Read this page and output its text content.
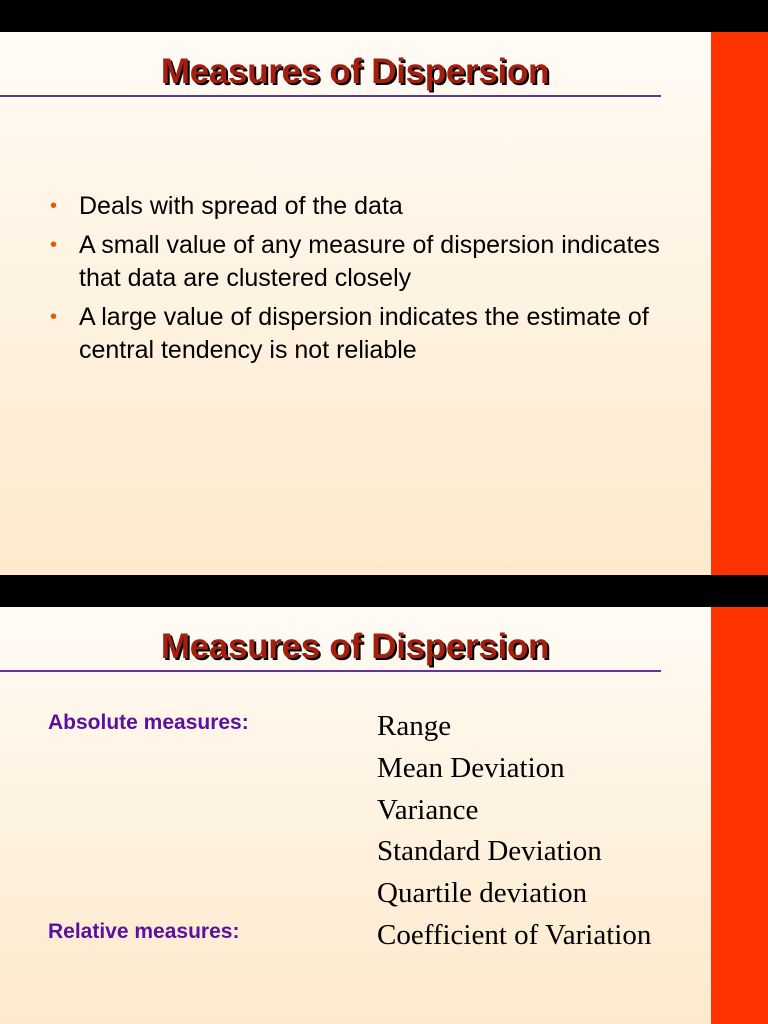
Measures of Dispersion
• Deals with spread of the data
• A small value of any measure of dispersion indicates that data are clustered closely
• A large value of dispersion indicates the estimate of central tendency is not reliable
Measures of Dispersion
Absolute measures:
Relative measures:
Range
Mean Deviation
Variance
Standard Deviation
Quartile deviation
Coefficient of Variation
